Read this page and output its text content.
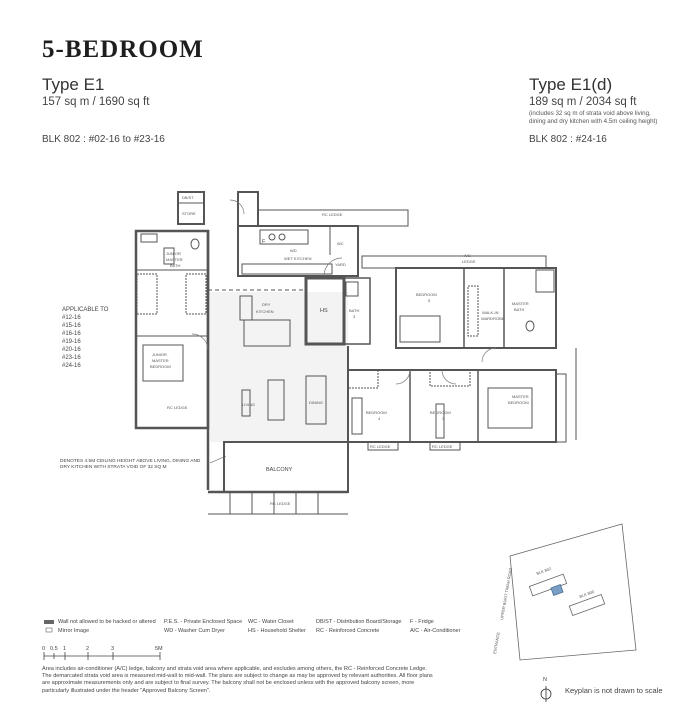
5-BEDROOM
Type E1
157 sq m / 1690 sq ft
BLK 802 : #02-16 to #23-16
Type E1(d)
189 sq m / 2034 sq ft
(includes 32 sq m of strata void above living,
dining and dry kitchen with 4.5m ceiling height)
BLK 802 : #24-16
APPLICABLE TO
#12-16
#15-16
#16-16
#19-16
#20-16
#23-16
#24-16
DENOTES 4.5M CEILING HEIGHT ABOVE LIVING, DINING AND DRY KITCHEN WITH STRATA VOID OF 32 SQ M
DB/ST
STORE	RC LEDGE
F
WD
WC
WET KITCHEN
YARD
A/C
LEDGE
JUNIOR
MASTER
BATH
DRY
KITCHEN	HS	BATH
3
BEDROOM
5
WALK-IN
WARDROBE
MASTER
BATH
JUNIOR
MASTER
BEDROOM
LIVING	DINING
BEDROOM
4
BEDROOM
3
MASTER
BEDROOM
BALCONY
RC LEDGE
RC LEDGE
RC LEDGE	RC LEDGE
BLK 802
BLK 800
UPPER BUKIT TIMAH ROAD
ENTRANCE
N
0 0.5 1	2	3	5M
Wall not allowed to be hacked or altered
Mirror Image
P.E.S. - Private Enclosed Space
WD - Washer Cum Dryer
WC - Water Closet
HS - Household Shelter
DB/ST - Distribution Board/Storage
RC - Reinforced Concrete
F - Fridge
A/C - Air-Conditioner
Area includes air-conditioner (A/C) ledge, balcony and strata void area where applicable, and excludes among others, the RC - Reinforced Concrete Ledge.
The demarcated strata void area is measured mid-wall to mid-wall. The plans are subject to change as may be approved by relevant authorities. All floor plans
are approximate measurements only and are subject to final survey. The balcony shall not be enclosed unless with the approved balcony screen, more
particularly illustrated under the header "Approved Balcony Screen".	Keyplan is not drawn to scale
